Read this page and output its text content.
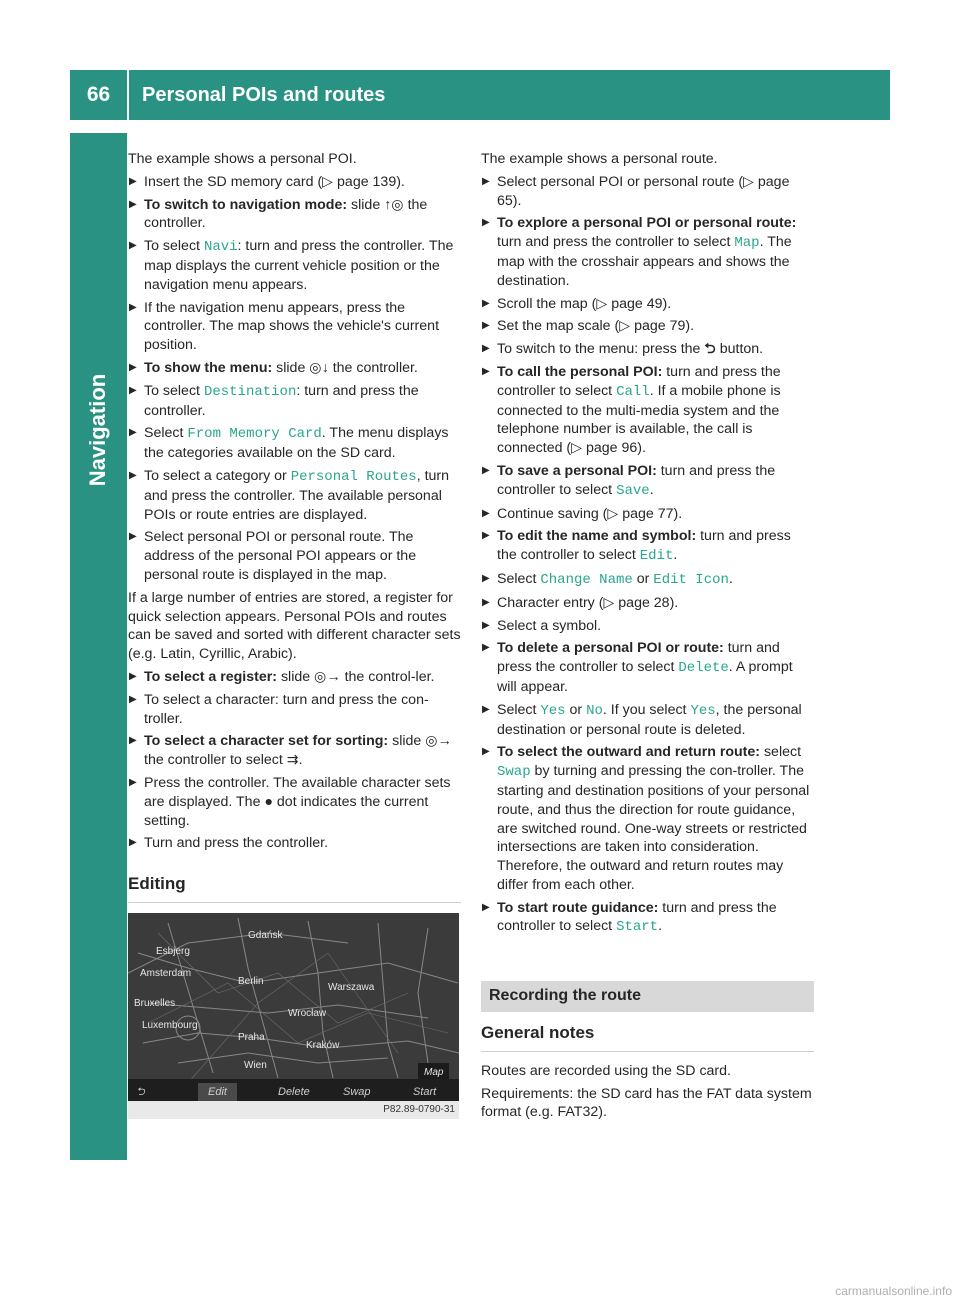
66	Personal POIs and routes
Navigation

The example shows a personal POI.

▶ Insert the SD memory card (▷ page 139).

▶ To switch to navigation mode: slide ↑◎ the controller.

▶ To select Navi: turn and press the controller. The map displays the current vehicle position or the navigation menu appears.

▶ If the navigation menu appears, press the controller. The map shows the vehicle's current position.

▶ To show the menu: slide ◎↓ the controller.

▶ To select Destination: turn and press the controller.

▶ Select From Memory Card. The menu displays the categories available on the SD card.

▶ To select a category or Personal Routes, turn and press the controller. The available personal POIs or route entries are displayed.

▶ Select personal POI or personal route. The address of the personal POI appears or the personal route is displayed in the map.

If a large number of entries are stored, a register for quick selection appears. Personal POIs and routes can be saved and sorted with different character sets (e.g. Latin, Cyrillic, Arabic).

▶ To select a register: slide ◎→ the control-ler.

▶ To select a character: turn and press the con-troller.

▶ To select a character set for sorting: slide ◎→ the controller to select ⇉.

▶ Press the controller. The available character sets are displayed. The ● dot indicates the current setting.

▶ Turn and press the controller.

Editing
Esbjerg
Gdańsk
Amsterdam
Berlin
Warszawa
Bruxelles
Wrocław
Luxembourg
Praha
Kraków
Wien
Map
⮌	Edit	Delete	Swap	Start
P82.89-0790-31

The example shows a personal route.

▶ Select personal POI or personal route (▷ page 65).

▶ To explore a personal POI or personal route: turn and press the controller to select Map. The map with the crosshair appears and shows the destination.

▶ Scroll the map (▷ page 49).

▶ Set the map scale (▷ page 79).

▶ To switch to the menu: press the ⮌ button.

▶ To call the personal POI: turn and press the controller to select Call. If a mobile phone is connected to the multi-media system and the telephone number is available, the call is connected (▷ page 96).

▶ To save a personal POI: turn and press the controller to select Save.

▶ Continue saving (▷ page 77).

▶ To edit the name and symbol: turn and press the controller to select Edit.

▶ Select Change Name or Edit Icon.

▶ Character entry (▷ page 28).

▶ Select a symbol.

▶ To delete a personal POI or route: turn and press the controller to select Delete. A prompt will appear.

▶ Select Yes or No. If you select Yes, the personal destination or personal route is deleted.

▶ To select the outward and return route: select Swap by turning and pressing the con-troller. The starting and destination positions of your personal route, and thus the direction for route guidance, are switched round. One-way streets or restricted intersections are taken into consideration. Therefore, the outward and return routes may differ from each other.

▶ To start route guidance: turn and press the controller to select Start.

Recording the route
General notes

Routes are recorded using the SD card.

Requirements: the SD card has the FAT data system format (e.g. FAT32).

carmanualsonline.info
